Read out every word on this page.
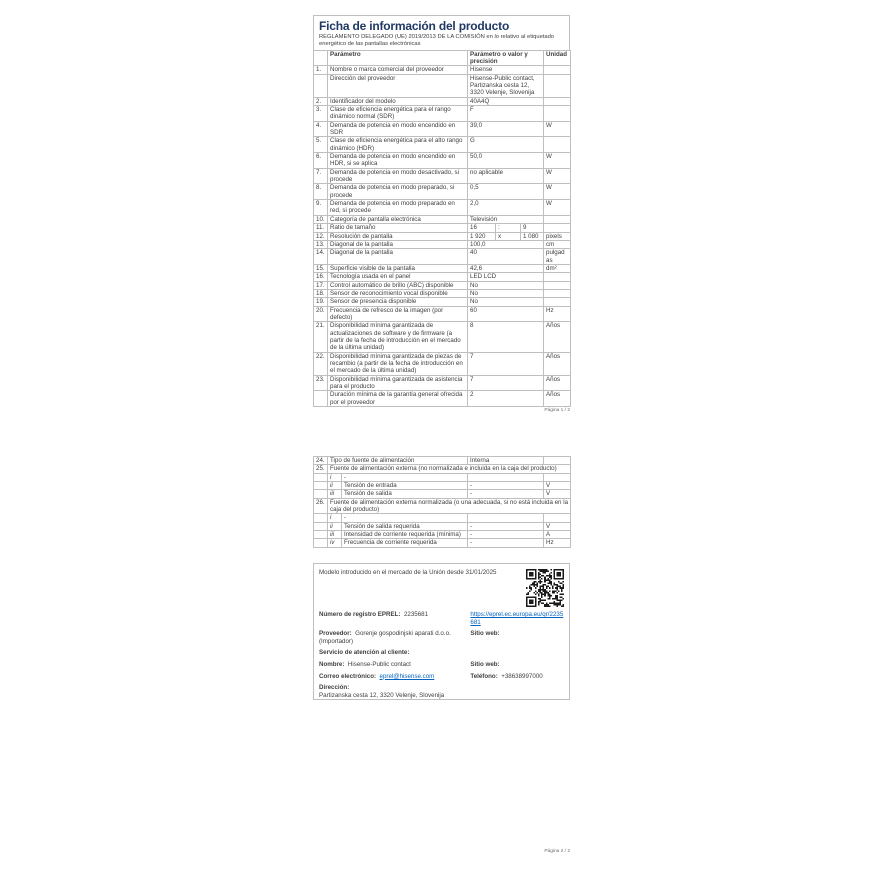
Ficha de información del producto

REGLAMENTO DELEGADO (UE) 2019/2013 DE LA COMISIÓN en lo relativo al etiquetado energético de las pantallas electrónicas

	Parámetro	Parámetro o valor y precisión			Unidad
1.	Nombre o marca comercial del proveedor	Hisense			
	Dirección del proveedor	Hisense-Public contact, Partizanska cesta 12, 3320 Velenje, Slovenija			
2.	Identificador del modelo	40A4Q			
3.	Clase de eficiencia energética para el rango dinámico normal (SDR)	F			
4.	Demanda de potencia en modo encendido en SDR	39,0			W
5.	Clase de eficiencia energética para el alto rango dinámico (HDR)	G			
6.	Demanda de potencia en modo encendido en HDR, si se aplica	50,0			W
7.	Demanda de potencia en modo desactivado, si procede	no aplicable			W
8.	Demanda de potencia en modo preparado, si procede	0,5			W
9.	Demanda de potencia en modo preparado en red, si procede	2,0			W
10.	Categoría de pantalla electrónica	Televisión			
11.	Ratio de tamaño	16	:	9	
12.	Resolución de pantalla	1 920	x	1 080	pixels
13.	Diagonal de la pantalla	100,0			cm
14.	Diagonal de la pantalla	40			pulgadas
15.	Superficie visible de la pantalla	42,6			dm²
16.	Tecnología usada en el panel	LED LCD			
17.	Control automático de brillo (ABC) disponible	No			
18.	Sensor de reconocimiento vocal disponible	No			
19.	Sensor de presencia disponible	No			
20.	Frecuencia de refresco de la imagen (por defecto)	60			Hz
21.	Disponibilidad mínima garantizada de actualizaciones de software y de firmware (a partir de la fecha de introducción en el mercado de la última unidad)	8			Años
22.	Disponibilidad mínima garantizada de piezas de recambio (a partir de la fecha de introducción en el mercado de la última unidad)	7			Años
23.	Disponibilidad mínima garantizada de asistencia para el producto	7			Años
	Duración mínima de la garantía general ofrecida por el proveedor	2			Años
Página 1 / 2
24.	Tipo de fuente de alimentación		Interna	
25.	Fuente de alimentación externa (no normalizada e incluida en la caja del producto)			
	i	-		
	ii	Tensión de entrada	-	V
	iii	Tensión de salida	-	V
26.	Fuente de alimentación externa normalizada (o una adecuada, si no está incluida en la caja del producto)			
	i	-		
	ii	Tensión de salida requerida	-	V
	iii	Intensidad de corriente requerida (mínima)	-	A
	iv	Frecuencia de corriente requerida	-	Hz

Modelo introducido en el mercado de la Unión desde 31/01/2025

Número de registro EPREL: 2235681	https://eprel.ec.europa.eu/qr/2235681
Proveedor: Gorenje gospodinjski aparati d.o.o. (Importador)
Sitio web:
Servicio de atención al cliente:
Nombre: Hisense-Public contact	Sitio web:
Correo electrónico: eprel@hisense.com	Teléfono: +38638997000
Dirección:
Partizanska cesta 12, 3320 Velenje, Slovenija
Página 2 / 2
